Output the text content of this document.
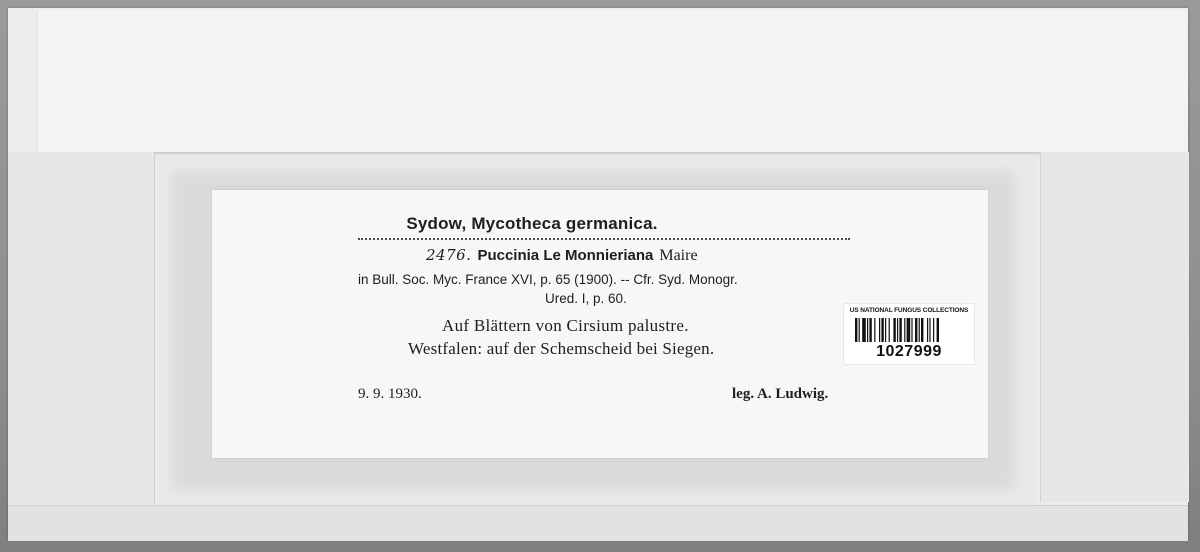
Sydow, Mycotheca germanica.
2476. Puccinia Le Monnieriana Maire
in Bull. Soc. Myc. France XVI, p. 65 (1900). -- Cfr. Syd. Monogr.
Ured. I, p. 60.
Auf Blättern von Cirsium palustre.
Westfalen: auf der Schemscheid bei Siegen.
9. 9. 1930.	leg. A. Ludwig.
US NATIONAL FUNGUS COLLECTIONS
1027999
